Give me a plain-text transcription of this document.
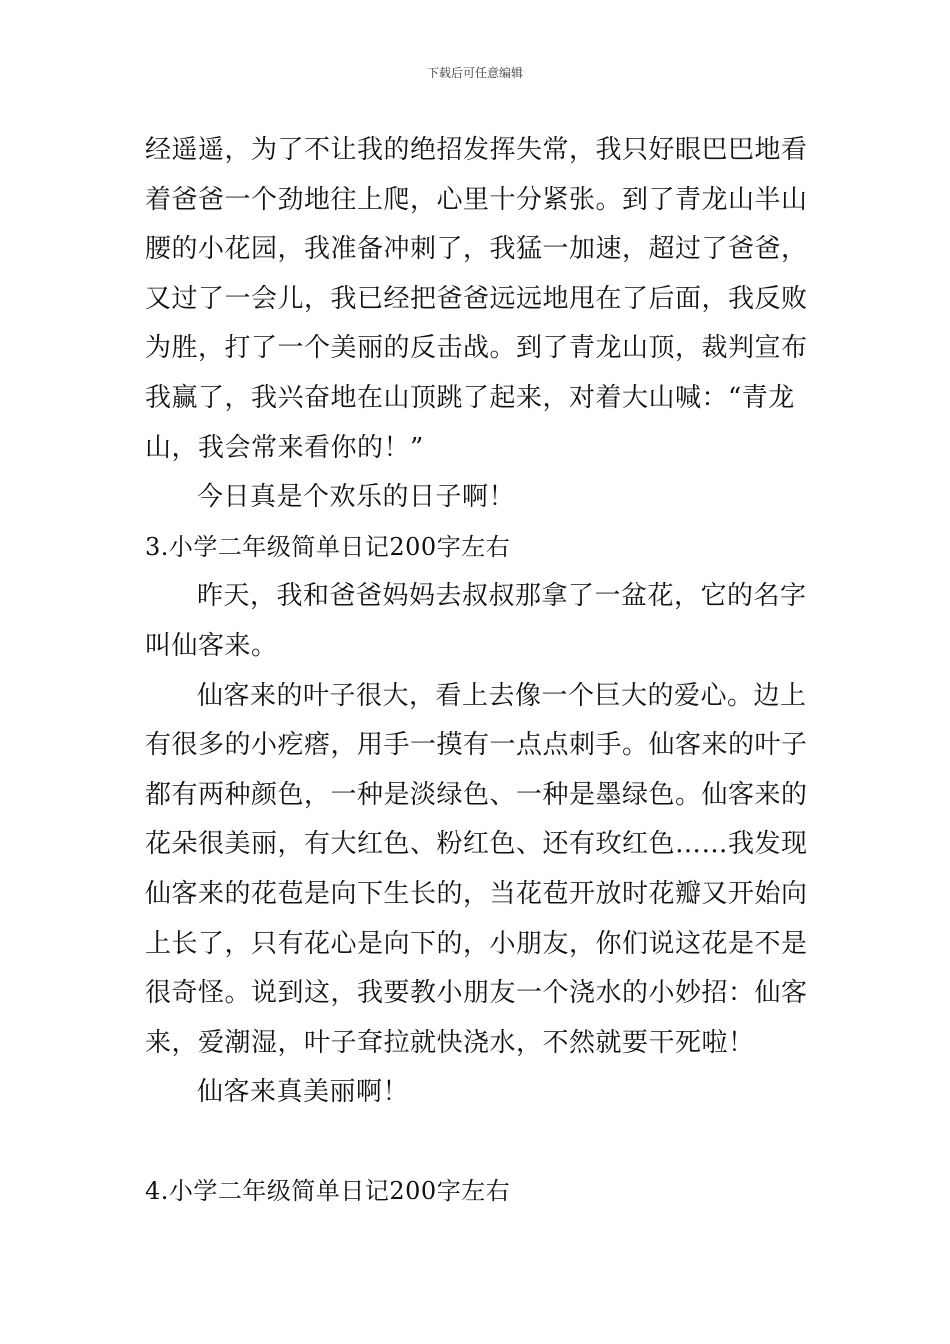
下载后可任意编辑
经遥遥，为了不让我的绝招发挥失常，我只好眼巴巴地看
着爸爸一个劲地往上爬，心里十分紧张。到了青龙山半山
腰的小花园，我准备冲刺了，我猛一加速，超过了爸爸，
又过了一会儿，我已经把爸爸远远地甩在了后面，我反败
为胜，打了一个美丽的反击战。到了青龙山顶，裁判宣布
我赢了，我兴奋地在山顶跳了起来，对着大山喊：“青龙
山，我会常来看你的！”
今日真是个欢乐的日子啊！
3.小学二年级简单日记200字左右
昨天，我和爸爸妈妈去叔叔那拿了一盆花，它的名字
叫仙客来。
仙客来的叶子很大，看上去像一个巨大的爱心。边上
有很多的小疙瘩，用手一摸有一点点刺手。仙客来的叶子
都有两种颜色，一种是淡绿色、一种是墨绿色。仙客来的
花朵很美丽，有大红色、粉红色、还有玫红色……我发现
仙客来的花苞是向下生长的，当花苞开放时花瓣又开始向
上长了，只有花心是向下的，小朋友，你们说这花是不是
很奇怪。说到这，我要教小朋友一个浇水的小妙招：仙客
来，爱潮湿，叶子耷拉就快浇水，不然就要干死啦！
仙客来真美丽啊！
4.小学二年级简单日记200字左右
